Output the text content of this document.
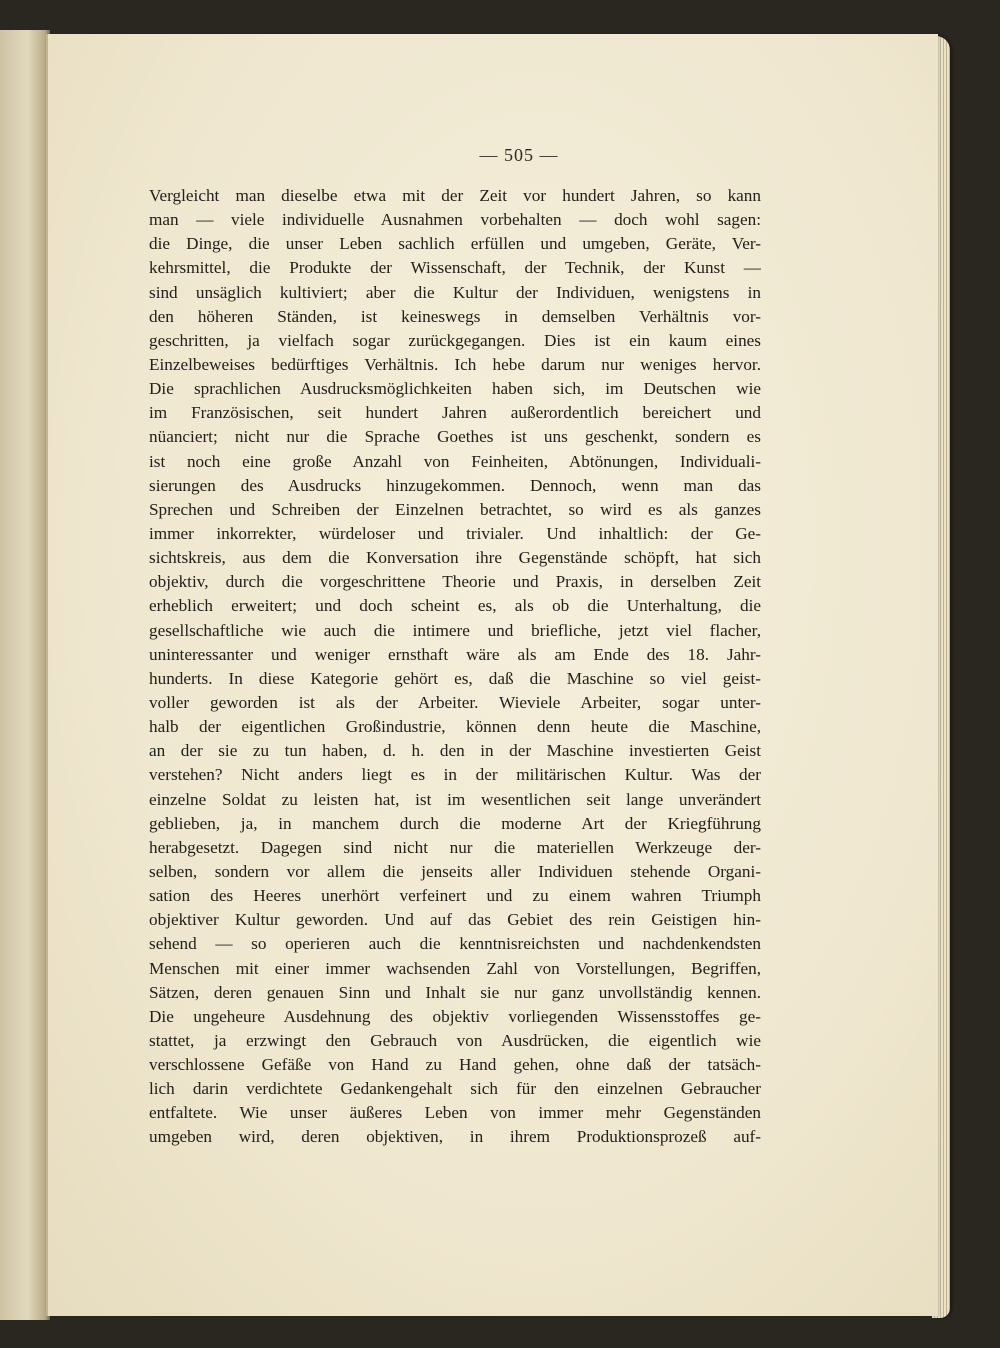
— 505 —
Vergleicht man dieselbe etwa mit der Zeit vor hundert Jahren, so kann
man — viele individuelle Ausnahmen vorbehalten — doch wohl sagen:
die Dinge, die unser Leben sachlich erfüllen und umgeben, Geräte, Ver-
kehrsmittel, die Produkte der Wissenschaft, der Technik, der Kunst —
sind unsäglich kultiviert; aber die Kultur der Individuen, wenigstens in
den höheren Ständen, ist keineswegs in demselben Verhältnis vor-
geschritten, ja vielfach sogar zurückgegangen. Dies ist ein kaum eines
Einzelbeweises bedürftiges Verhältnis. Ich hebe darum nur weniges hervor.
Die sprachlichen Ausdrucksmöglichkeiten haben sich, im Deutschen wie
im Französischen, seit hundert Jahren außerordentlich bereichert und
nüanciert; nicht nur die Sprache Goethes ist uns geschenkt, sondern es
ist noch eine große Anzahl von Feinheiten, Abtönungen, Individuali-
sierungen des Ausdrucks hinzugekommen. Dennoch, wenn man das
Sprechen und Schreiben der Einzelnen betrachtet, so wird es als ganzes
immer inkorrekter, würdeloser und trivialer. Und inhaltlich: der Ge-
sichtskreis, aus dem die Konversation ihre Gegenstände schöpft, hat sich
objektiv, durch die vorgeschrittene Theorie und Praxis, in derselben Zeit
erheblich erweitert; und doch scheint es, als ob die Unterhaltung, die
gesellschaftliche wie auch die intimere und briefliche, jetzt viel flacher,
uninteressanter und weniger ernsthaft wäre als am Ende des 18. Jahr-
hunderts. In diese Kategorie gehört es, daß die Maschine so viel geist-
voller geworden ist als der Arbeiter. Wieviele Arbeiter, sogar unter-
halb der eigentlichen Großindustrie, können denn heute die Maschine,
an der sie zu tun haben, d. h. den in der Maschine investierten Geist
verstehen? Nicht anders liegt es in der militärischen Kultur. Was der
einzelne Soldat zu leisten hat, ist im wesentlichen seit lange unverändert
geblieben, ja, in manchem durch die moderne Art der Kriegführung
herabgesetzt. Dagegen sind nicht nur die materiellen Werkzeuge der-
selben, sondern vor allem die jenseits aller Individuen stehende Organi-
sation des Heeres unerhört verfeinert und zu einem wahren Triumph
objektiver Kultur geworden. Und auf das Gebiet des rein Geistigen hin-
sehend — so operieren auch die kenntnisreichsten und nachdenkendsten
Menschen mit einer immer wachsenden Zahl von Vorstellungen, Begriffen,
Sätzen, deren genauen Sinn und Inhalt sie nur ganz unvollständig kennen.
Die ungeheure Ausdehnung des objektiv vorliegenden Wissensstoffes ge-
stattet, ja erzwingt den Gebrauch von Ausdrücken, die eigentlich wie
verschlossene Gefäße von Hand zu Hand gehen, ohne daß der tatsäch-
lich darin verdichtete Gedankengehalt sich für den einzelnen Gebraucher
entfaltete. Wie unser äußeres Leben von immer mehr Gegenständen
umgeben wird, deren objektiven, in ihrem Produktionsprozeß auf-
